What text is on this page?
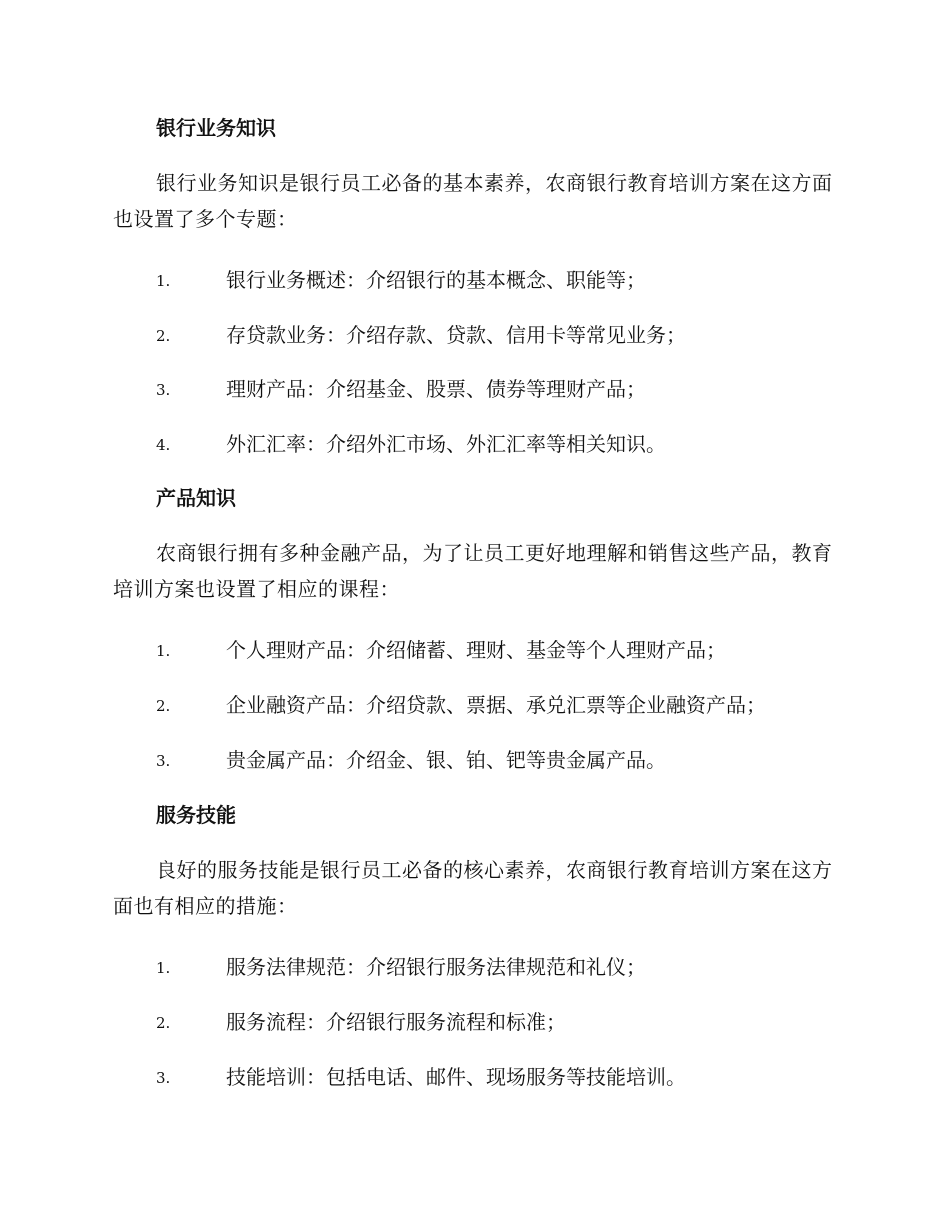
银行业务知识
银行业务知识是银行员工必备的基本素养，农商银行教育培训方案在这方面也设置了多个专题：
1.	银行业务概述：介绍银行的基本概念、职能等；
2.	存贷款业务：介绍存款、贷款、信用卡等常见业务；
3.	理财产品：介绍基金、股票、债券等理财产品；
4.	外汇汇率：介绍外汇市场、外汇汇率等相关知识。
产品知识
农商银行拥有多种金融产品，为了让员工更好地理解和销售这些产品，教育培训方案也设置了相应的课程：
1.	个人理财产品：介绍储蓄、理财、基金等个人理财产品；
2.	企业融资产品：介绍贷款、票据、承兑汇票等企业融资产品；
3.	贵金属产品：介绍金、银、铂、钯等贵金属产品。
服务技能
良好的服务技能是银行员工必备的核心素养，农商银行教育培训方案在这方面也有相应的措施：
1.	服务法律规范：介绍银行服务法律规范和礼仪；
2.	服务流程：介绍银行服务流程和标准；
3.	技能培训：包括电话、邮件、现场服务等技能培训。
